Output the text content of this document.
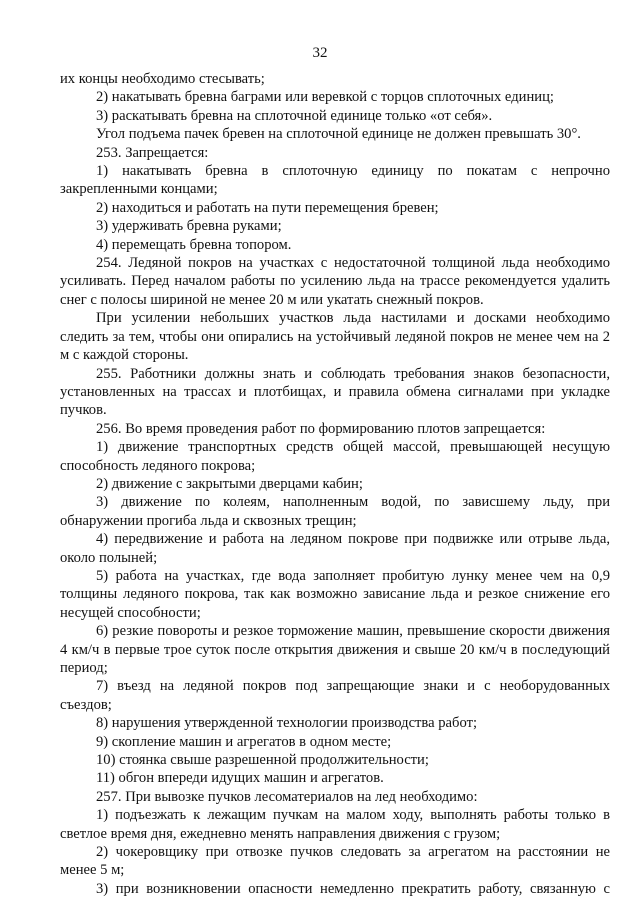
32

их концы необходимо стесывать;

2) накатывать бревна баграми или веревкой с торцов сплоточных единиц;

3) раскатывать бревна на сплоточной единице только «от себя».

Угол подъема пачек бревен на сплоточной единице не должен превышать 30°.

253. Запрещается:

1) накатывать бревна в сплоточную единицу по покатам с непрочно закрепленными концами;

2) находиться и работать на пути перемещения бревен;

3) удерживать бревна руками;

4) перемещать бревна топором.

254. Ледяной покров на участках с недостаточной толщиной льда необходимо усиливать. Перед началом работы по усилению льда на трассе рекомендуется удалить снег с полосы шириной не менее 20 м или укатать снежный покров.

При усилении небольших участков льда настилами и досками необходимо следить за тем, чтобы они опирались на устойчивый ледяной покров не менее чем на 2 м с каждой стороны.

255. Работники должны знать и соблюдать требования знаков безопасности, установленных на трассах и плотбищах, и правила обмена сигналами при укладке пучков.

256. Во время проведения работ по формированию плотов запрещается:

1) движение транспортных средств общей массой, превышающей несущую способность ледяного покрова;

2) движение с закрытыми дверцами кабин;

3) движение по колеям, наполненным водой, по зависшему льду, при обнаружении прогиба льда и сквозных трещин;

4) передвижение и работа на ледяном покрове при подвижке или отрыве льда, около полыней;

5) работа на участках, где вода заполняет пробитую лунку менее чем на 0,9 толщины ледяного покрова, так как возможно зависание льда и резкое снижение его несущей способности;

6) резкие повороты и резкое торможение машин, превышение скорости движения 4 км/ч в первые трое суток после открытия движения и свыше 20 км/ч в последующий период;

7) въезд на ледяной покров под запрещающие знаки и с необорудованных съездов;

8) нарушения утвержденной технологии производства работ;

9) скопление машин и агрегатов в одном месте;

10) стоянка свыше разрешенной продолжительности;

11) обгон впереди идущих машин и агрегатов.

257. При вывозке пучков лесоматериалов на лед необходимо:

1) подъезжать к лежащим пучкам на малом ходу, выполнять работы только в светлое время дня, ежедневно менять направления движения с грузом;

2) чокеровщику при отвозке пучков следовать за агрегатом на расстоянии не менее 5 м;

3) при возникновении опасности немедленно прекратить работу, связанную с
